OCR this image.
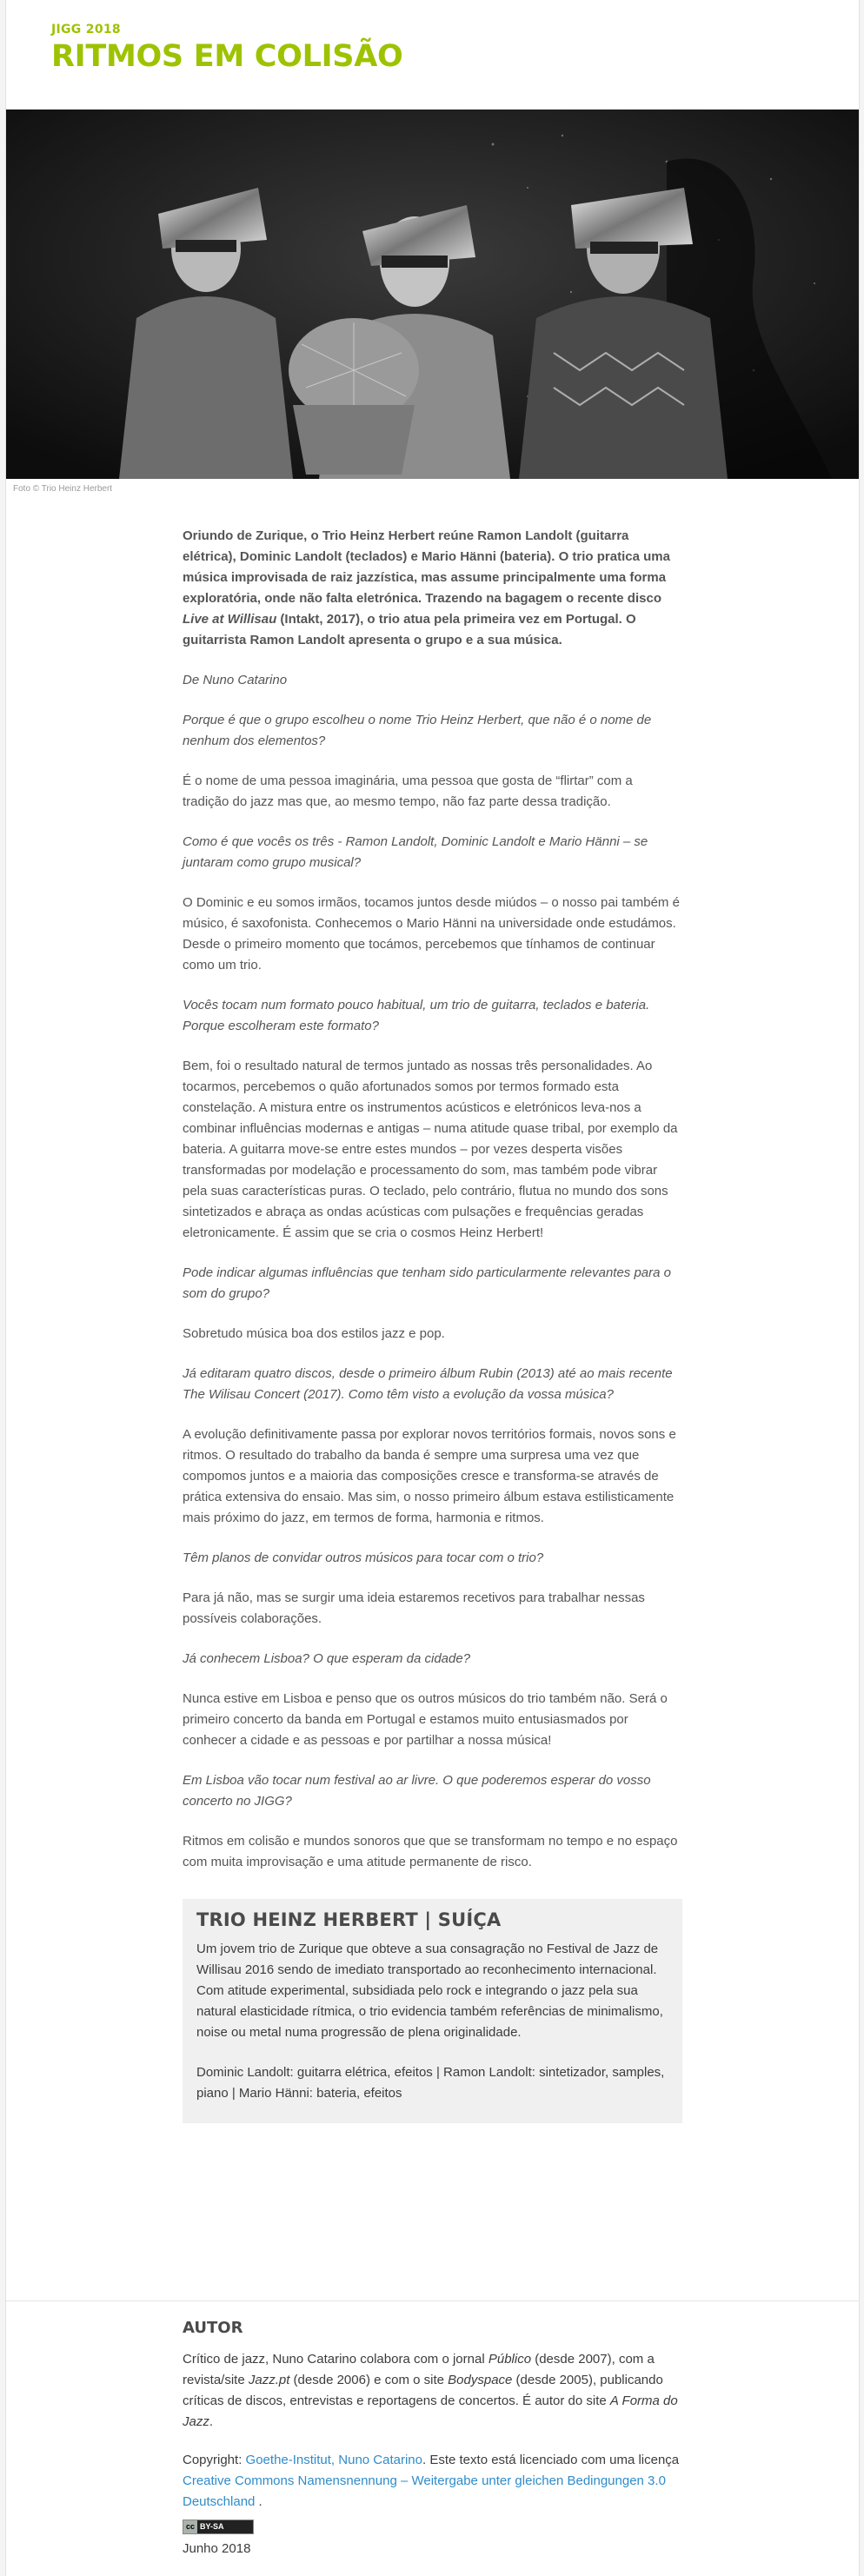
JIGG 2018

RITMOS EM COLISÃO
Foto © Trio Heinz Herbert

Oriundo de Zurique, o Trio Heinz Herbert reúne Ramon Landolt (guitarra elétrica), Dominic Landolt (teclados) e Mario Hänni (bateria). O trio pratica uma música improvisada de raiz jazzística, mas assume principalmente uma forma exploratória, onde não falta eletrónica. Trazendo na bagagem o recente disco Live at Willisau (Intakt, 2017), o trio atua pela primeira vez em Portugal. O guitarrista Ramon Landolt apresenta o grupo e a sua música.

De Nuno Catarino

Porque é que o grupo escolheu o nome Trio Heinz Herbert, que não é o nome de nenhum dos elementos?

É o nome de uma pessoa imaginária, uma pessoa que gosta de “flirtar” com a tradição do jazz mas que, ao mesmo tempo, não faz parte dessa tradição.

Como é que vocês os três - Ramon Landolt, Dominic Landolt e Mario Hänni – se juntaram como grupo musical?

O Dominic e eu somos irmãos, tocamos juntos desde miúdos – o nosso pai também é músico, é saxofonista. Conhecemos o Mario Hänni na universidade onde estudámos. Desde o primeiro momento que tocámos, percebemos que tínhamos de continuar como um trio.

Vocês tocam num formato pouco habitual, um trio de guitarra, teclados e bateria. Porque escolheram este formato?

Bem, foi o resultado natural de termos juntado as nossas três personalidades. Ao tocarmos, percebemos o quão afortunados somos por termos formado esta constelação. A mistura entre os instrumentos acústicos e eletrónicos leva-nos a combinar influências modernas e antigas – numa atitude quase tribal, por exemplo da bateria. A guitarra move-se entre estes mundos – por vezes desperta visões transformadas por modelação e processamento do som, mas também pode vibrar pela suas características puras. O teclado, pelo contrário, flutua no mundo dos sons sintetizados e abraça as ondas acústicas com pulsações e frequências geradas eletronicamente. É assim que se cria o cosmos Heinz Herbert!

Pode indicar algumas influências que tenham sido particularmente relevantes para o som do grupo?

Sobretudo música boa dos estilos jazz e pop.

Já editaram quatro discos, desde o primeiro álbum Rubin (2013) até ao mais recente The Wilisau Concert (2017). Como têm visto a evolução da vossa música?

A evolução definitivamente passa por explorar novos territórios formais, novos sons e ritmos. O resultado do trabalho da banda é sempre uma surpresa uma vez que compomos juntos e a maioria das composições cresce e transforma-se através de prática extensiva do ensaio. Mas sim, o nosso primeiro álbum estava estilisticamente mais próximo do jazz, em termos de forma, harmonia e ritmos.

Têm planos de convidar outros músicos para tocar com o trio?

Para já não, mas se surgir uma ideia estaremos recetivos para trabalhar nessas possíveis colaborações.

Já conhecem Lisboa? O que esperam da cidade?

Nunca estive em Lisboa e penso que os outros músicos do trio também não. Será o primeiro concerto da banda em Portugal e estamos muito entusiasmados por conhecer a cidade e as pessoas e por partilhar a nossa música!

Em Lisboa vão tocar num festival ao ar livre. O que poderemos esperar do vosso concerto no JIGG?

Ritmos em colisão e mundos sonoros que que se transformam no tempo e no espaço com muita improvisação e uma atitude permanente de risco.

TRIO HEINZ HERBERT | SUÍÇA

Um jovem trio de Zurique que obteve a sua consagração no Festival de Jazz de Willisau 2016 sendo de imediato transportado ao reconhecimento internacional. Com atitude experimental, subsidiada pelo rock e integrando o jazz pela sua natural elasticidade rítmica, o trio evidencia também referências de minimalismo, noise ou metal numa progressão de plena originalidade.

Dominic Landolt: guitarra elétrica, efeitos | Ramon Landolt: sintetizador, samples, piano | Mario Hänni: bateria, efeitos

AUTOR

Crítico de jazz, Nuno Catarino colabora com o jornal Público (desde 2007), com a revista/site Jazz.pt (desde 2006) e com o site Bodyspace (desde 2005), publicando críticas de discos, entrevistas e reportagens de concertos. É autor do site A Forma do Jazz.

Copyright: Goethe-Institut, Nuno Catarino. Este texto está licenciado com uma licença Creative Commons Namensnennung – Weitergabe unter gleichen Bedingungen 3.0 Deutschland .

cc BY-SA
Junho 2018
